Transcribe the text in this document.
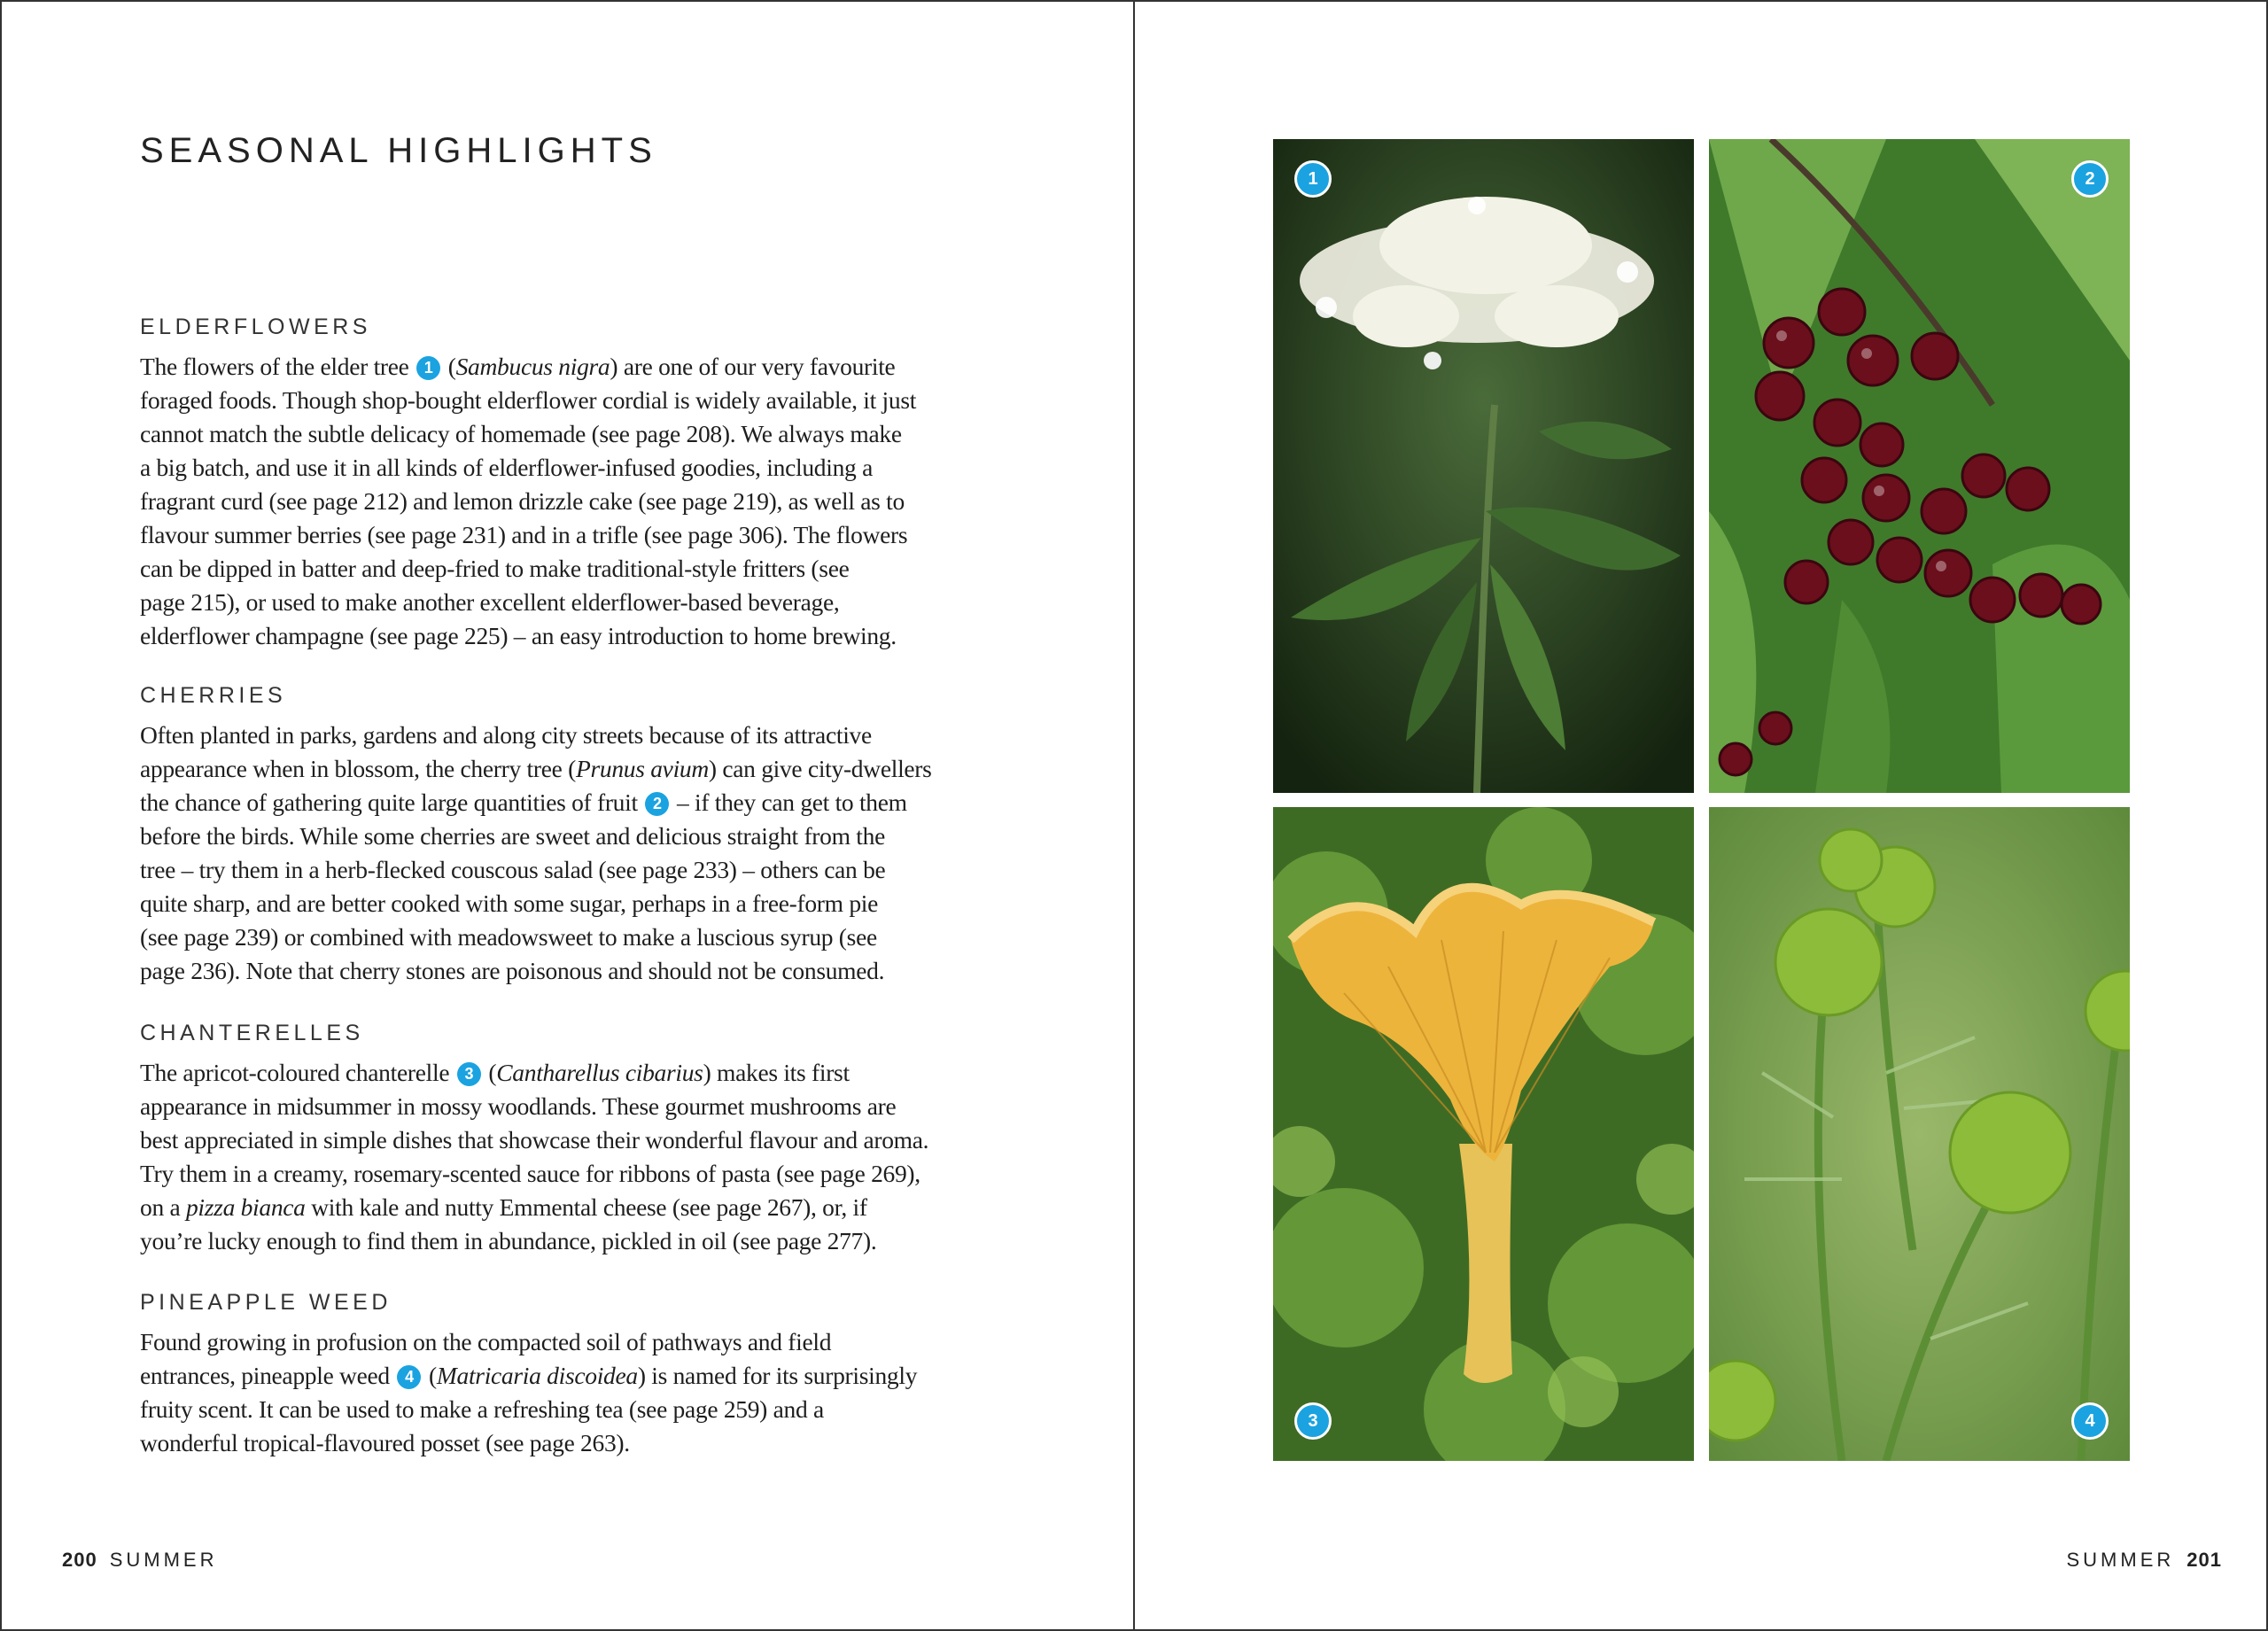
SEASONAL HIGHLIGHTS
ELDERFLOWERS
The flowers of the elder tree 1 (Sambucus nigra) are one of our very favourite
foraged foods. Though shop-bought elderflower cordial is widely available, it just
cannot match the subtle delicacy of homemade (see page 208). We always make
a big batch, and use it in all kinds of elderflower-infused goodies, including a
fragrant curd (see page 212) and lemon drizzle cake (see page 219), as well as to
flavour summer berries (see page 231) and in a trifle (see page 306). The flowers
can be dipped in batter and deep-fried to make traditional-style fritters (see
page 215), or used to make another excellent elderflower-based beverage,
elderflower champagne (see page 225) – an easy introduction to home brewing.
CHERRIES
Often planted in parks, gardens and along city streets because of its attractive
appearance when in blossom, the cherry tree (Prunus avium) can give city-dwellers
the chance of gathering quite large quantities of fruit 2 – if they can get to them
before the birds. While some cherries are sweet and delicious straight from the
tree – try them in a herb-flecked couscous salad (see page 233) – others can be
quite sharp, and are better cooked with some sugar, perhaps in a free-form pie
(see page 239) or combined with meadowsweet to make a luscious syrup (see
page 236). Note that cherry stones are poisonous and should not be consumed.
CHANTERELLES
The apricot-coloured chanterelle 3 (Cantharellus cibarius) makes its first
appearance in midsummer in mossy woodlands. These gourmet mushrooms are
best appreciated in simple dishes that showcase their wonderful flavour and aroma.
Try them in a creamy, rosemary-scented sauce for ribbons of pasta (see page 269),
on a pizza bianca with kale and nutty Emmental cheese (see page 267), or, if
you’re lucky enough to find them in abundance, pickled in oil (see page 277).
PINEAPPLE WEED
Found growing in profusion on the compacted soil of pathways and field
entrances, pineapple weed 4 (Matricaria discoidea) is named for its surprisingly
fruity scent. It can be used to make a refreshing tea (see page 259) and a
wonderful tropical-flavoured posset (see page 263).
200 SUMMER	SUMMER 201
1	2
3	4
